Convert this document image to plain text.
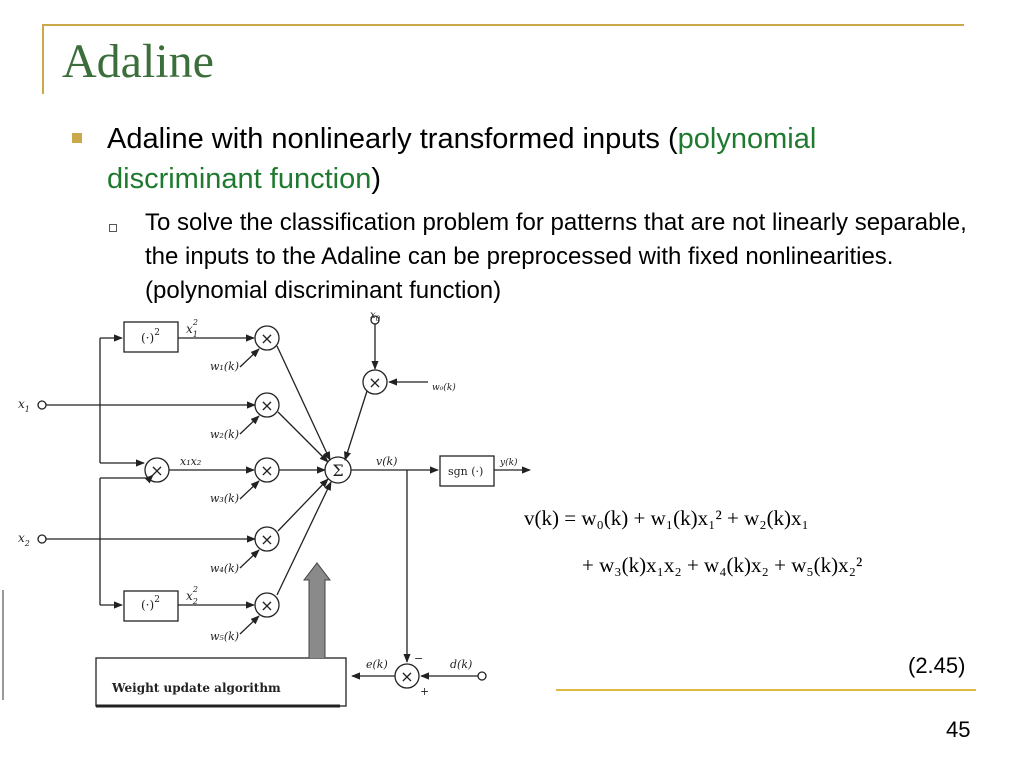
Adaline
Adaline with nonlinearly transformed inputs (polynomial discriminant function)
To solve the classification problem for patterns that are not linearly separable, the inputs to the Adaline can be preprocessed with fixed nonlinearities. (polynomial discriminant function)
×
×
×
×
×
×
×
×
Σ
$(\cdot)^2$
$(\cdot)^2$
sgn (·)
Weight update algorithm
$x_1$
$x_2$
$x_0$
$x_12$
$x_22$
x₁x₂
w₁(k)
w₂(k)
w₃(k)
w₄(k)
w₅(k)
w₀(k)
v(k)	y(k)
e(k)	d(k)
−
+
v(k) = w₀(k) + w₁(k)x₁² + w₂(k)x₁
+ w₃(k)x₁x₂ + w₄(k)x₂ + w₅(k)x₂²
(2.45)
45
